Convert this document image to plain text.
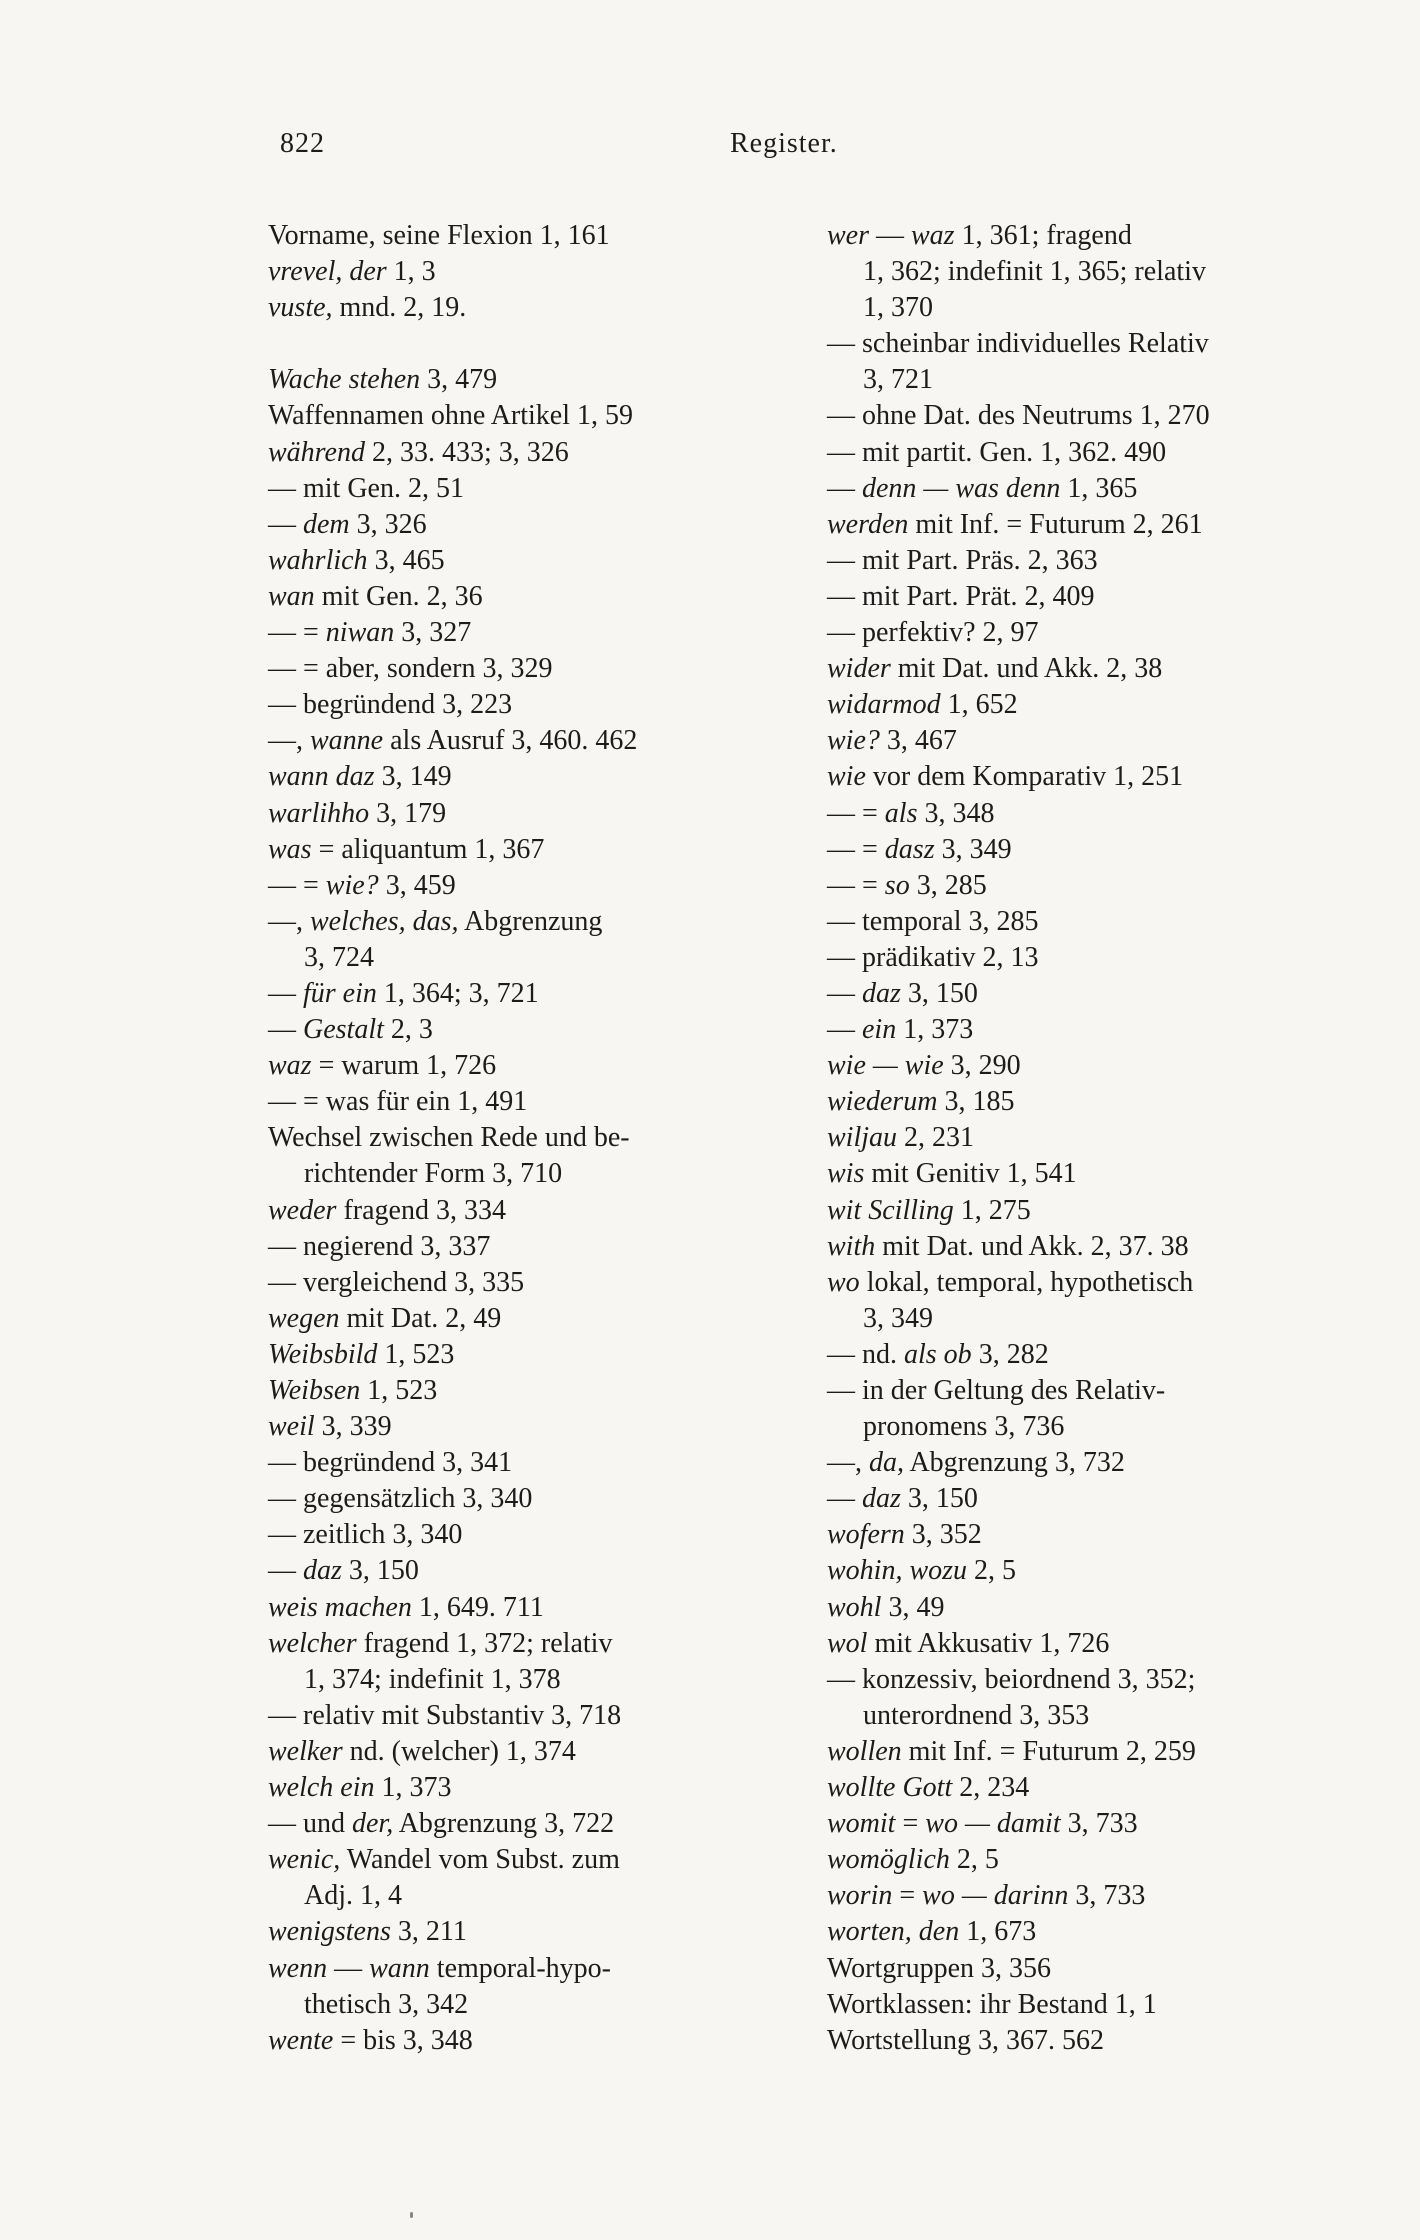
822	Register.
Vorname, seine Flexion 1, 161
vrevel, der 1, 3
vuste, mnd. 2, 19.
Wache stehen 3, 479
Waffennamen ohne Artikel 1, 59
während 2, 33. 433; 3, 326
— mit Gen. 2, 51
— dem 3, 326
wahrlich 3, 465
wan mit Gen. 2, 36
— = niwan 3, 327
— = aber, sondern 3, 329
— begründend 3, 223
—, wanne als Ausruf 3, 460. 462
wann daz 3, 149
warlihho 3, 179
was = aliquantum 1, 367
— = wie? 3, 459
—, welches, das, Abgrenzung
3, 724
— für ein 1, 364; 3, 721
— Gestalt 2, 3
waz = warum 1, 726
— = was für ein 1, 491
Wechsel zwischen Rede und be-
richtender Form 3, 710
weder fragend 3, 334
— negierend 3, 337
— vergleichend 3, 335
wegen mit Dat. 2, 49
Weibsbild 1, 523
Weibsen 1, 523
weil 3, 339
— begründend 3, 341
— gegensätzlich 3, 340
— zeitlich 3, 340
— daz 3, 150
weis machen 1, 649. 711
welcher fragend 1, 372; relativ
1, 374; indefinit 1, 378
— relativ mit Substantiv 3, 718
welker nd. (welcher) 1, 374
welch ein 1, 373
— und der, Abgrenzung 3, 722
wenic, Wandel vom Subst. zum
Adj. 1, 4
wenigstens 3, 211
wenn — wann temporal-hypo-
thetisch 3, 342
wente = bis 3, 348
wer — waz 1, 361; fragend
1, 362; indefinit 1, 365; relativ
1, 370
— scheinbar individuelles Relativ
3, 721
— ohne Dat. des Neutrums 1, 270
— mit partit. Gen. 1, 362. 490
— denn — was denn 1, 365
werden mit Inf. = Futurum 2, 261
— mit Part. Präs. 2, 363
— mit Part. Prät. 2, 409
— perfektiv? 2, 97
wider mit Dat. und Akk. 2, 38
widarmod 1, 652
wie? 3, 467
wie vor dem Komparativ 1, 251
— = als 3, 348
— = dasz 3, 349
— = so 3, 285
— temporal 3, 285
— prädikativ 2, 13
— daz 3, 150
— ein 1, 373
wie — wie 3, 290
wiederum 3, 185
wiljau 2, 231
wis mit Genitiv 1, 541
wit Scilling 1, 275
with mit Dat. und Akk. 2, 37. 38
wo lokal, temporal, hypothetisch
3, 349
— nd. als ob 3, 282
— in der Geltung des Relativ-
pronomens 3, 736
—, da, Abgrenzung 3, 732
— daz 3, 150
wofern 3, 352
wohin, wozu 2, 5
wohl 3, 49
wol mit Akkusativ 1, 726
— konzessiv, beiordnend 3, 352;
unterordnend 3, 353
wollen mit Inf. = Futurum 2, 259
wollte Gott 2, 234
womit = wo — damit 3, 733
womöglich 2, 5
worin = wo — darinn 3, 733
worten, den 1, 673
Wortgruppen 3, 356
Wortklassen: ihr Bestand 1, 1
Wortstellung 3, 367. 562
